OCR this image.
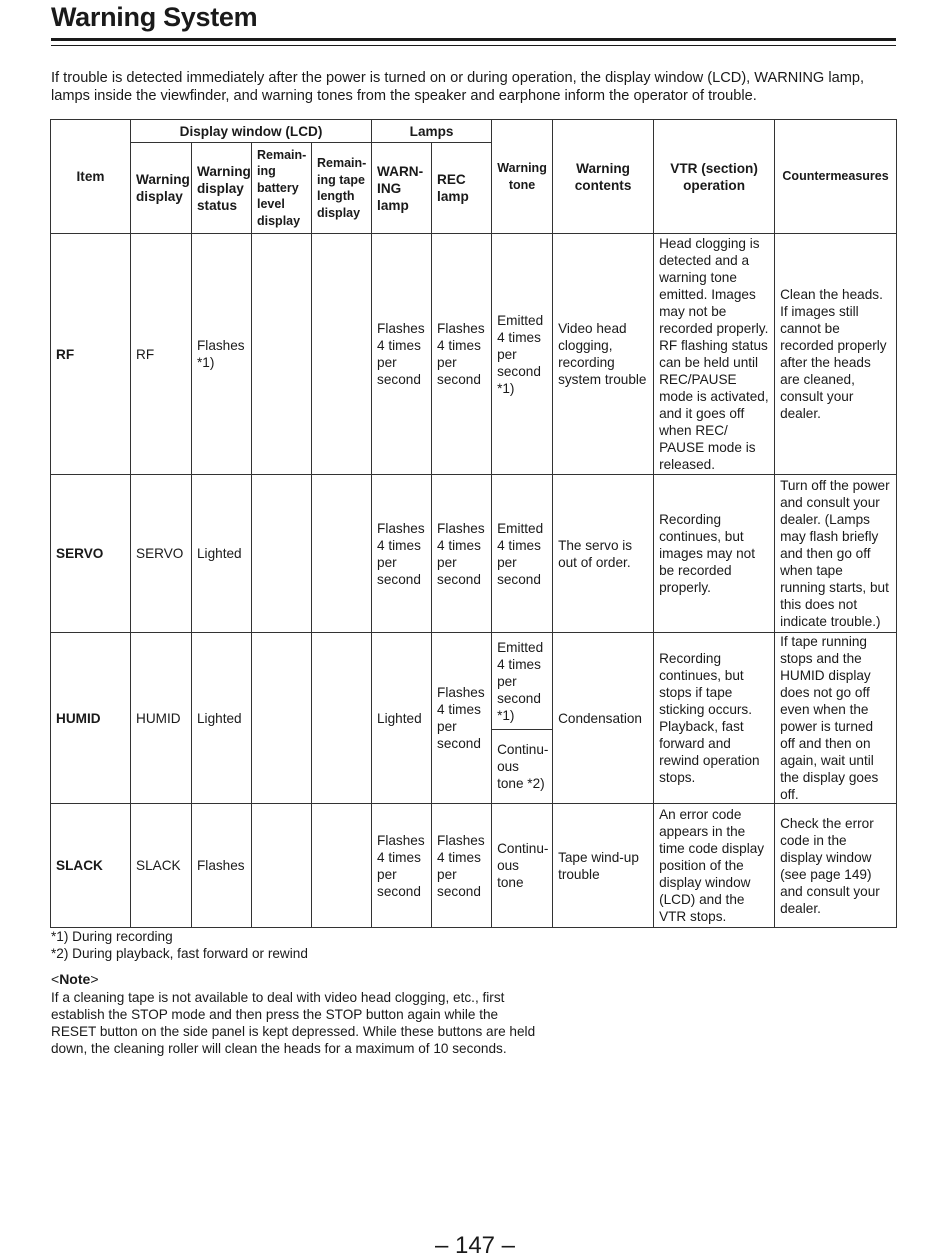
Warning System

If trouble is detected immediately after the power is turned on or during operation, the display window (LCD), WARNING lamp, lamps inside the viewfinder, and warning tones from the speaker and earphone inform the operator of trouble.

Item	Display window (LCD)				Lamps		Warning tone	Warning contents	VTR (section) operation	Countermeasures
	Warning display	Warning display status	Remain-ing battery level display	Remain-ing tape length display	WARN-ING lamp	REC lamp				
RF	RF	Flashes *1)			Flashes 4 times per second	Flashes 4 times per second	Emitted 4 times per second *1)	Video head clogging, recording system trouble	Head clogging is detected and a warning tone emitted. Images may not be recorded properly. RF flashing status can be held until REC/PAUSE mode is activated, and it goes off when REC/ PAUSE mode is released.	Clean the heads. If images still cannot be recorded properly after the heads are cleaned, consult your dealer.
SERVO	SERVO	Lighted			Flashes 4 times per second	Flashes 4 times per second	Emitted 4 times per second	The servo is out of order.	Recording continues, but images may not be recorded properly.	Turn off the power and consult your dealer. (Lamps may flash briefly and then go off when tape running starts, but this does not indicate trouble.)
HUMID	HUMID	Lighted			Lighted	Flashes 4 times per second	Emitted 4 times per second *1)	Condensation	Recording continues, but stops if tape sticking occurs. Playback, fast forward and rewind operation stops.	If tape running stops and the HUMID display does not go off even when the power is turned off and then on again, wait until the display goes off.
							Continu-ous tone *2)			
SLACK	SLACK	Flashes			Flashes 4 times per second	Flashes 4 times per second	Continu-ous tone	Tape wind-up trouble	An error code appears in the time code display position of the display window (LCD) and the VTR stops.	Check the error code in the display window (see page 149) and consult your dealer.
*1) During recording
*2) During playback, fast forward or rewind
<Note>
If a cleaning tape is not available to deal with video head clogging, etc., first establish the STOP mode and then press the STOP button again while the RESET button on the side panel is kept depressed. While these buttons are held down, the cleaning roller will clean the heads for a maximum of 10 seconds.
– 147 –
